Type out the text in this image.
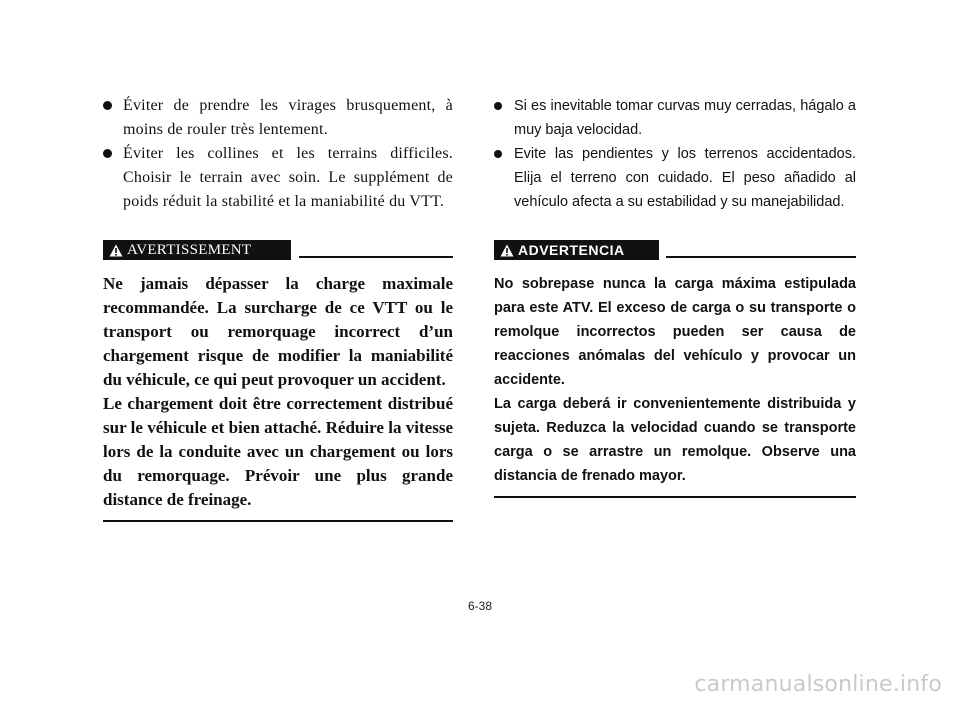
Éviter de prendre les virages brusquement, à moins de rouler très lentement.
Éviter les collines et les terrains difficiles. Choisir le terrain avec soin. Le supplément de poids réduit la stabilité et la maniabilité du VTT.
AVERTISSEMENT

Ne jamais dépasser la charge maximale recommandée. La surcharge de ce VTT ou le transport ou remorquage incorrect d’un chargement risque de modifier la maniabilité du véhicule, ce qui peut provoquer un accident.

Le chargement doit être correctement distribué sur le véhicule et bien attaché. Réduire la vitesse lors de la conduite avec un chargement ou lors du remorquage. Prévoir une plus grande distance de freinage.

Si es inevitable tomar curvas muy cerradas, hágalo a muy baja velocidad.
Evite las pendientes y los terrenos accidentados. Elija el terreno con cuidado. El peso añadido al vehículo afecta a su estabilidad y su manejabilidad.
ADVERTENCIA

No sobrepase nunca la carga máxima estipulada para este ATV. El exceso de carga o su transporte o remolque incorrectos pueden ser causa de reacciones anómalas del vehículo y provocar un accidente.

La carga deberá ir convenientemente distribuida y sujeta. Reduzca la velocidad cuando se transporte carga o se arrastre un remolque. Observe una distancia de frenado mayor.

6-38
carmanualsonline.info
